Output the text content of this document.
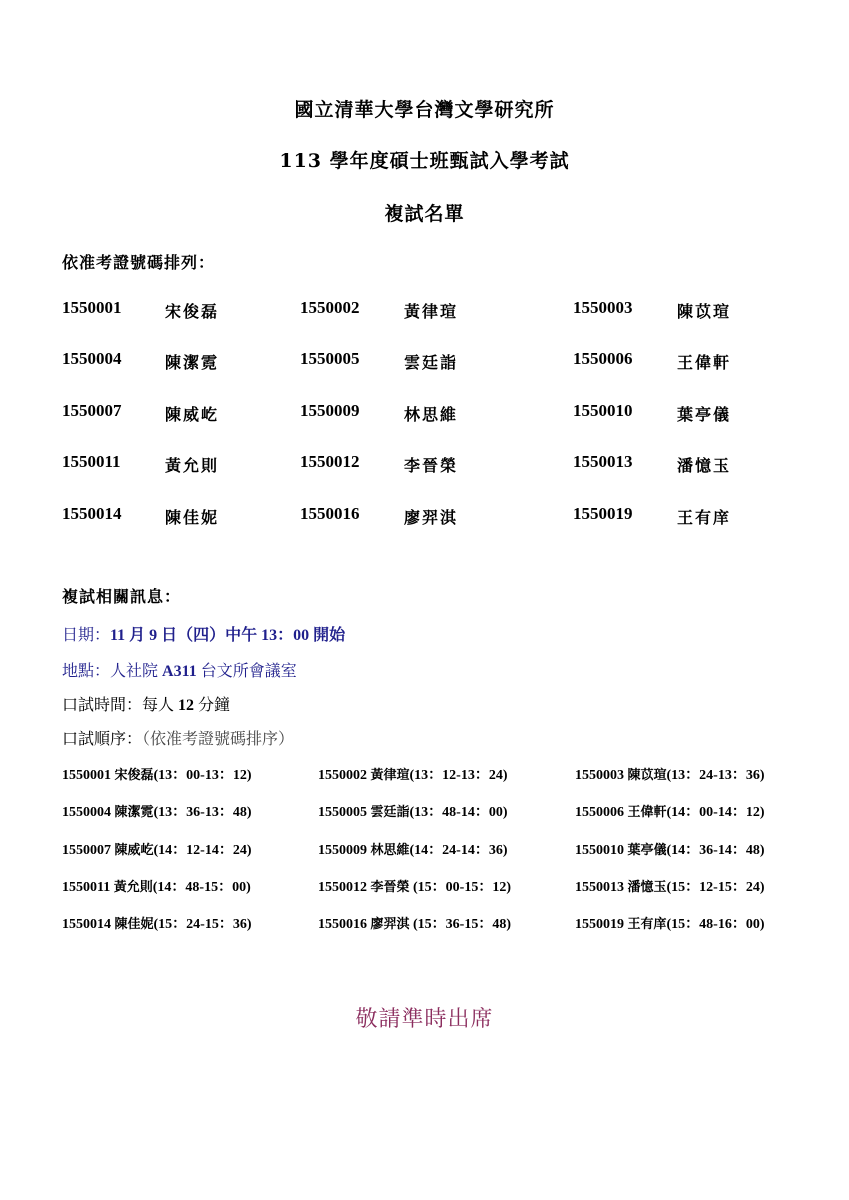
國立清華大學台灣文學研究所
113 學年度碩士班甄試入學考試
複試名單
依准考證號碼排列：
1550001	宋俊磊	1550002	黃律瑄	1550003	陳苡瑄
1550004	陳潔霓	1550005	雲廷詣	1550006	王偉軒
1550007	陳威屹	1550009	林思維	1550010	葉亭儀
1550011	黃允則	1550012	李晉榮	1550013	潘憶玉
1550014	陳佳妮	1550016	廖羿淇	1550019	王有庠
複試相關訊息：
日期：11 月 9 日（四）中午 13：00 開始
地點：人社院 A311 台文所會議室
口試時間：每人 12 分鐘
口試順序：（依准考證號碼排序）
1550001 宋俊磊(13：00-13：12)	1550002 黃律瑄(13：12-13：24)	1550003 陳苡瑄(13：24-13：36)
1550004 陳潔霓(13：36-13：48)	1550005 雲廷詣(13：48-14：00)	1550006 王偉軒(14：00-14：12)
1550007 陳威屹(14：12-14：24)	1550009 林思維(14：24-14：36)	1550010 葉亭儀(14：36-14：48)
1550011 黃允則(14：48-15：00)	1550012 李晉榮 (15：00-15：12)	1550013 潘憶玉(15：12-15：24)
1550014 陳佳妮(15：24-15：36)	1550016 廖羿淇 (15：36-15：48)	1550019 王有庠(15：48-16：00)
敬請準時出席
